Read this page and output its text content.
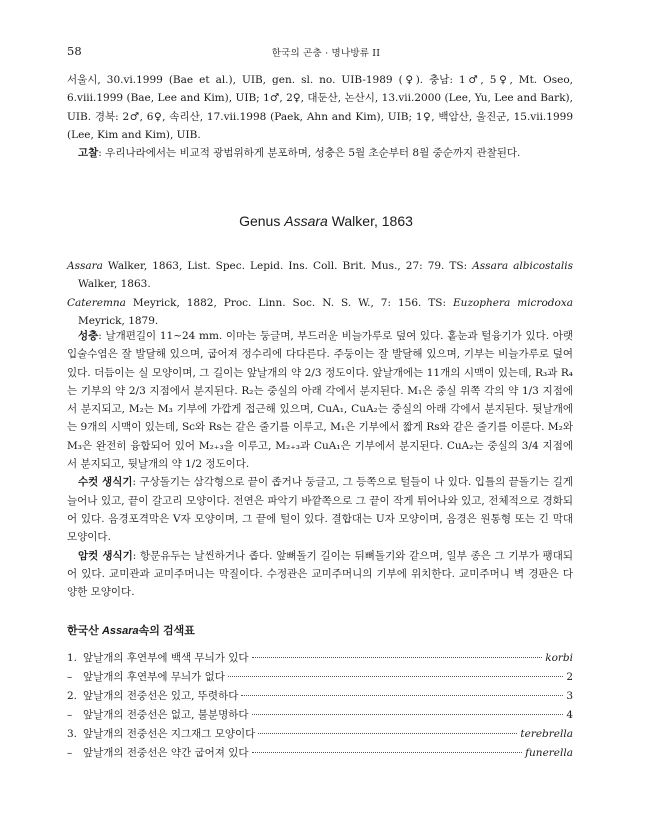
58	한국의 곤충 · 명나방류 II

서울시, 30.vi.1999 (Bae et al.), UIB, gen. sl. no. UIB-1989 (♀). 충남: 1♂, 5♀, Mt. Oseo, 6.viii.1999 (Bae, Lee and Kim), UIB; 1♂, 2♀, 대둔산, 논산시, 13.vii.2000 (Lee, Yu, Lee and Bark), UIB. 경북: 2♂, 6♀, 속리산, 17.vii.1998 (Paek, Ahn and Kim), UIB; 1♀, 백암산, 울진군, 15.vii.1999 (Lee, Kim and Kim), UIB.

고찰: 우리나라에서는 비교적 광범위하게 분포하며, 성충은 5월 초순부터 8월 중순까지 관찰된다.

Genus Assara Walker, 1863

Assara Walker, 1863, List. Spec. Lepid. Ins. Coll. Brit. Mus., 27: 79. TS: Assara albicostalis Walker, 1863.

Cateremna Meyrick, 1882, Proc. Linn. Soc. N. S. W., 7: 156. TS: Euzophera microdoxa Meyrick, 1879.

성충: 날개편길이 11~24 mm. 이마는 둥글며, 부드러운 비늘가루로 덮여 있다. 홑눈과 털융기가 있다. 아랫입술수염은 잘 발달해 있으며, 굽어져 정수리에 다다른다. 주둥이는 잘 발달해 있으며, 기부는 비늘가루로 덮여 있다. 더듬이는 실 모양이며, 그 길이는 앞날개의 약 2/3 정도이다. 앞날개에는 11개의 시맥이 있는데, R₃과 R₄는 기부의 약 2/3 지점에서 분지된다. R₂는 중실의 아래 각에서 분지된다. M₁은 중실 위쪽 각의 약 1/3 지점에서 분지되고, M₂는 M₃ 기부에 가깝게 접근해 있으며, CuA₁, CuA₂는 중실의 아래 각에서 분지된다. 뒷날개에는 9개의 시맥이 있는데, Sc와 Rs는 같은 줄기를 이루고, M₁은 기부에서 짧게 Rs와 같은 줄기를 이룬다. M₂와 M₃은 완전히 융합되어 있어 M₂₊₃을 이루고, M₂₊₃과 CuA₁은 기부에서 분지된다. CuA₂는 중실의 3/4 지점에서 분지되고, 뒷날개의 약 1/2 정도이다.

수컷 생식기: 구상돌기는 삼각형으로 끝이 좁거나 둥글고, 그 등쪽으로 털들이 나 있다. 입틀의 끝돌기는 길게 늘어나 있고, 끝이 갈고리 모양이다. 전연은 파악기 바깥쪽으로 그 끝이 작게 튀어나와 있고, 전체적으로 경화되어 있다. 음경포격막은 V자 모양이며, 그 끝에 털이 있다. 결합대는 U자 모양이며, 음경은 원통형 또는 긴 막대 모양이다.

암컷 생식기: 항문유두는 날씬하거나 좁다. 앞뼈돌기 길이는 뒤뼈돌기와 같으며, 일부 종은 그 기부가 팽대되어 있다. 교미관과 교미주머니는 막질이다. 수정관은 교미주머니의 기부에 위치한다. 교미주머니 벽 경판은 다양한 모양이다.

한국산 Assara속의 검색표
1. 앞날개의 후연부에 백색 무늬가 있다	korbi
– 앞날개의 후연부에 무늬가 없다	2
2. 앞날개의 전중선은 있고, 뚜렷하다	3
– 앞날개의 전중선은 없고, 불분명하다	4
3. 앞날개의 전중선은 지그재그 모양이다	terebrella
– 앞날개의 전중선은 약간 굽어져 있다	funerella
